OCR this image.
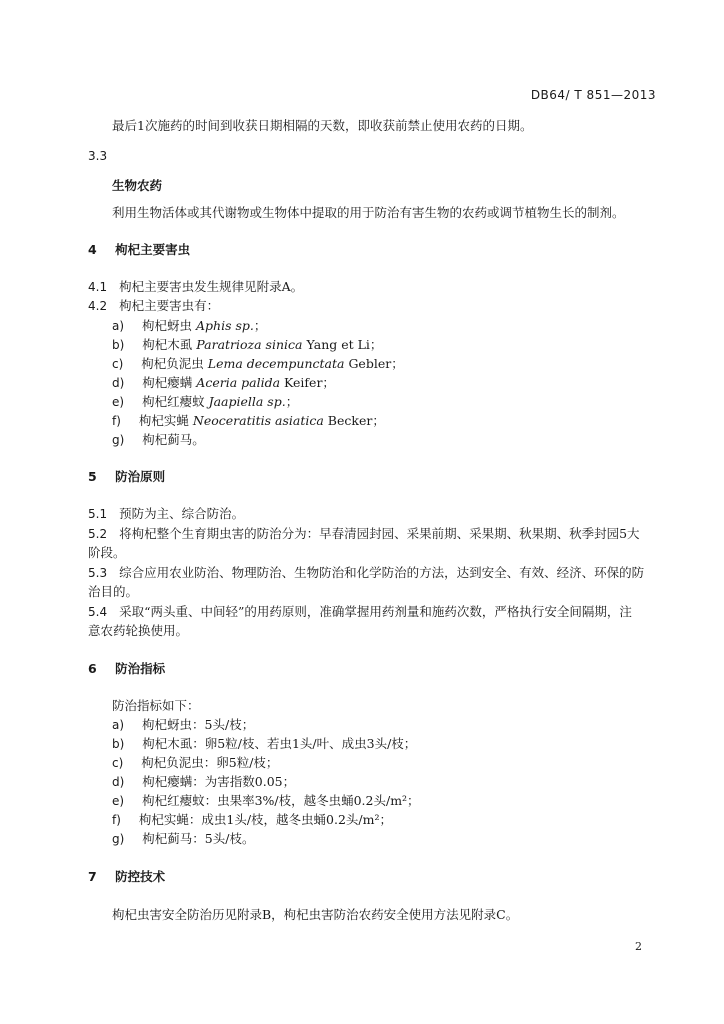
DB64/ T 851—2013
最后1次施药的时间到收获日期相隔的天数，即收获前禁止使用农药的日期。
3.3
生物农药
利用生物活体或其代谢物或生物体中提取的用于防治有害生物的农药或调节植物生长的制剂。
4 枸杞主要害虫
4.1 枸杞主要害虫发生规律见附录A。
4.2 枸杞主要害虫有：
a) 枸杞蚜虫 Aphis sp.；
b) 枸杞木虱 Paratrioza sinica Yang et Li；
c) 枸杞负泥虫 Lema decempunctata Gebler；
d) 枸杞瘿螨 Aceria palida Keifer；
e) 枸杞红瘿蚊 Jaapiella sp.；
f) 枸杞实蝇 Neoceratitis asiatica Becker；
g) 枸杞蓟马。
5 防治原则
5.1 预防为主、综合防治。
5.2 将枸杞整个生育期虫害的防治分为：早春清园封园、采果前期、采果期、秋果期、秋季封园5大
阶段。
5.3 综合应用农业防治、物理防治、生物防治和化学防治的方法，达到安全、有效、经济、环保的防
治目的。
5.4 采取“两头重、中间轻”的用药原则，准确掌握用药剂量和施药次数，严格执行安全间隔期，注
意农药轮换使用。
6 防治指标
防治指标如下：
a) 枸杞蚜虫：5头/枝；
b) 枸杞木虱：卵5粒/枝、若虫1头/叶、成虫3头/枝；
c) 枸杞负泥虫：卵5粒/枝；
d) 枸杞瘿螨：为害指数0.05；
e) 枸杞红瘿蚊：虫果率3%/枝，越冬虫蛹0.2头/m²；
f) 枸杞实蝇：成虫1头/枝，越冬虫蛹0.2头/m²；
g) 枸杞蓟马：5头/枝。
7 防控技术
枸杞虫害安全防治历见附录B，枸杞虫害防治农药安全使用方法见附录C。
2
